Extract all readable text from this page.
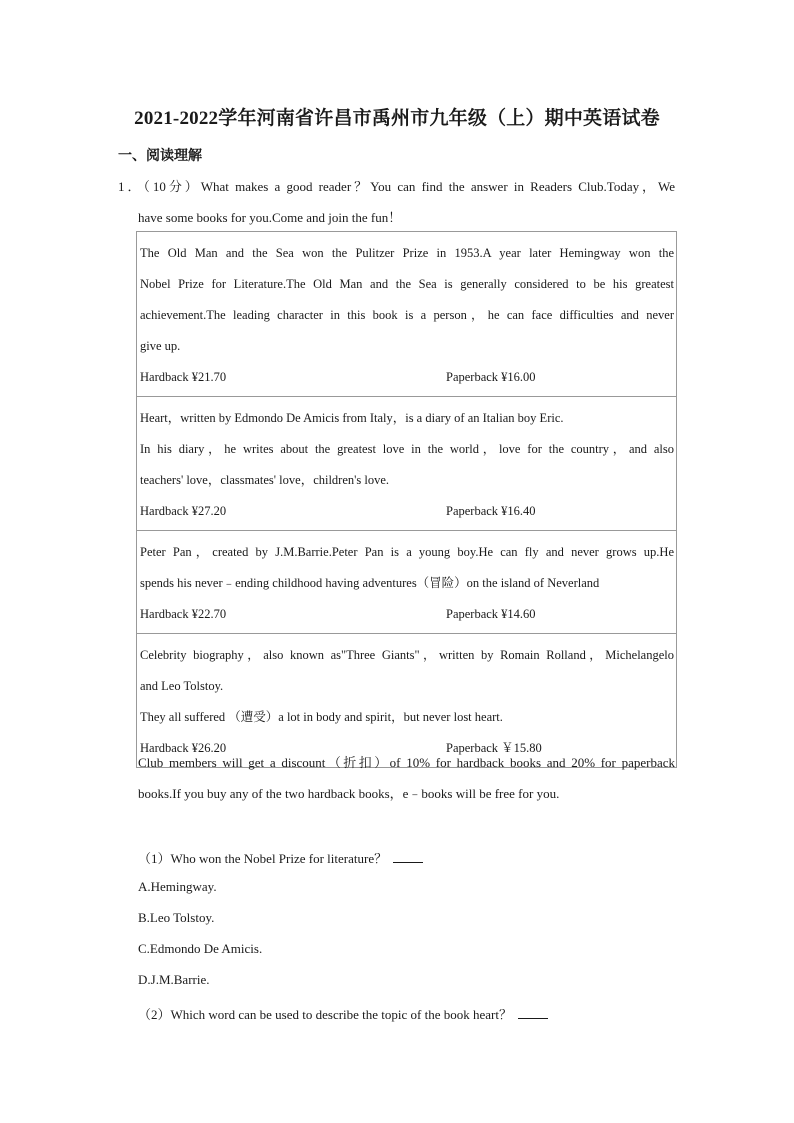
2021-2022学年河南省许昌市禹州市九年级（上）期中英语试卷
一、阅读理解
1．（10分）What makes a good reader？You can find the answer in Readers Club.Today，We
have some books for you.Come and join the fun！
The Old Man and the Sea won the Pulitzer Prize in 1953.A year later Hemingway won the
Nobel Prize for Literature.The Old Man and the Sea is generally considered to be his greatest
achievement.The leading character in this book is a person，he can face difficulties and never
give up.
Hardback ¥21.70	Paperback ¥16.00
Heart，written by Edmondo De Amicis from Italy，is a diary of an Italian boy Eric.
In his diary，he writes about the greatest love in the world，love for the country，and also
teachers' love，classmates' love，children's love.
Hardback ¥27.20	Paperback ¥16.40
Peter Pan，created by J.M.Barrie.Peter Pan is a young boy.He can fly and never grows up.He
spends his never﹣ending childhood having adventures（冒险）on the island of Neverland
Hardback ¥22.70	Paperback ¥14.60
Celebrity biography，also known as"Three Giants"，written by Romain Rolland，Michelangelo
and Leo Tolstoy.
They all suffered （遭受）a lot in body and spirit，but never lost heart.
Hardback ¥26.20	Paperback ￥15.80
Club members will get a discount（折扣）of 10% for hardback books and 20% for paperback
books.If you buy any of the two hardback books，e﹣books will be free for you.
（1）Who won the Nobel Prize for literature？
A.Hemingway.
B.Leo Tolstoy.
C.Edmondo De Amicis.
D.J.M.Barrie.
（2）Which word can be used to describe the topic of the book heart？
